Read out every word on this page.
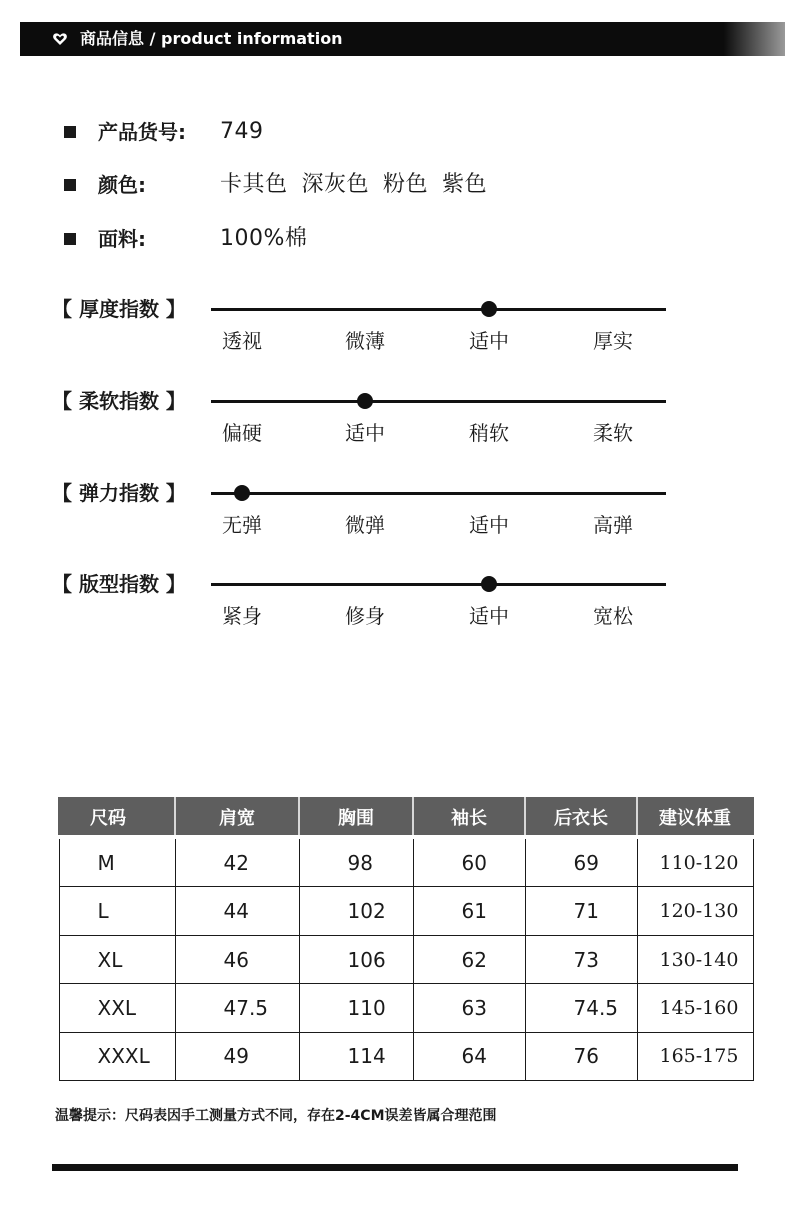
商品信息 / product information
产品货号: 749
颜色:	卡其色 深灰色 粉色 紫色
面料:	100%棉
【 厚度指数 】
透视	微薄	适中	厚实
【 柔软指数 】
偏硬	适中	稍软	柔软
【 弹力指数 】
无弹	微弹	适中	高弹
【 版型指数 】
紧身	修身	适中	宽松
尺码	肩宽	胸围	袖长	后衣长	建议体重
M	42	98	60	69	110-120
L	44	102	61	71	120-130
XL	46	106	62	73	130-140
XXL	47.5	110	63	74.5	145-160
XXXL	49	114	64	76	165-175
温馨提示：尺码表因手工测量方式不同，存在2-4CM误差皆属合理范围
